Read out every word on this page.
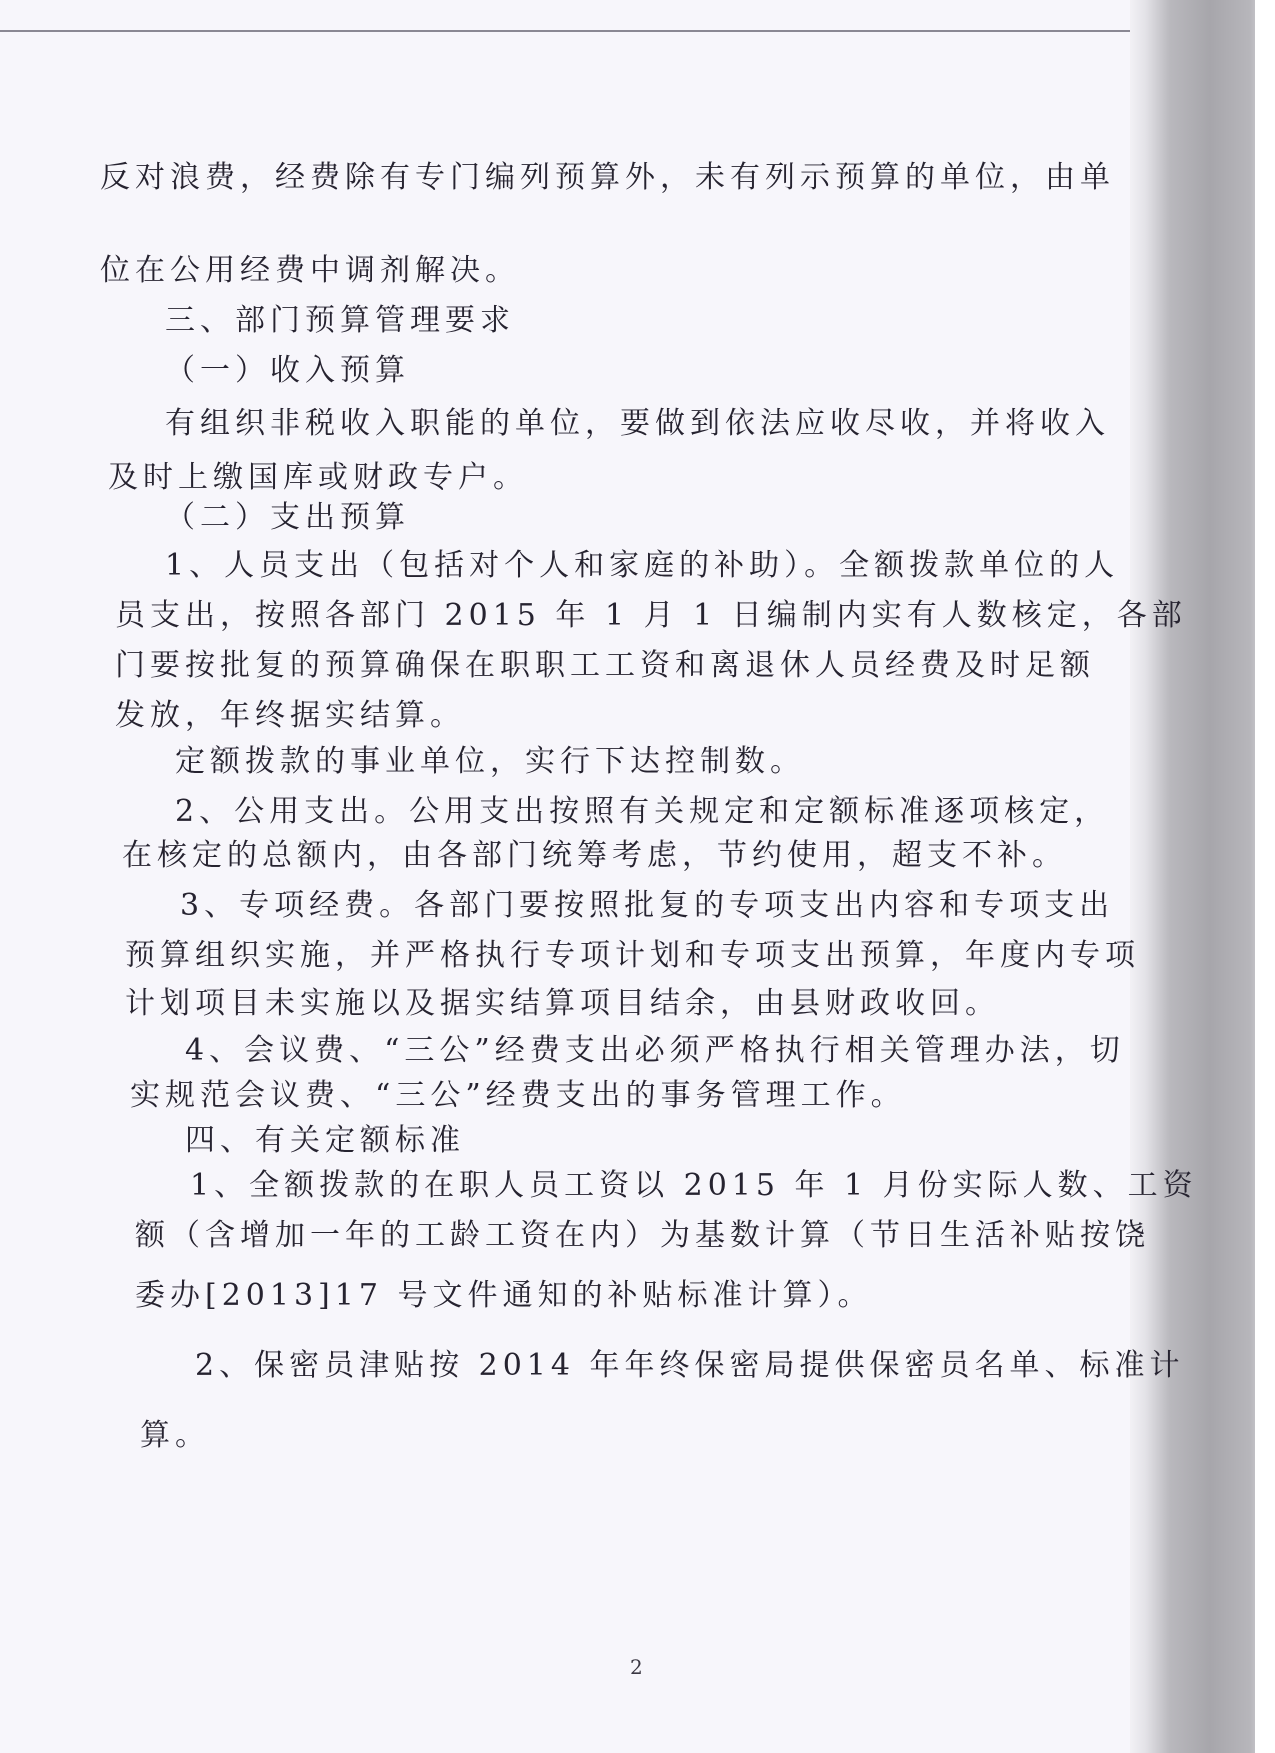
反对浪费，经费除有专门编列预算外，未有列示预算的单位，由单
位在公用经费中调剂解决。
三、部门预算管理要求
（一）收入预算
有组织非税收入职能的单位，要做到依法应收尽收，并将收入
及时上缴国库或财政专户。
（二）支出预算
1、人员支出（包括对个人和家庭的补助）。全额拨款单位的人
员支出，按照各部门 2015 年 1 月 1 日编制内实有人数核定，各部
门要按批复的预算确保在职职工工资和离退休人员经费及时足额
发放，年终据实结算。
定额拨款的事业单位，实行下达控制数。
2、公用支出。公用支出按照有关规定和定额标准逐项核定，
在核定的总额内，由各部门统筹考虑，节约使用，超支不补。
3、专项经费。各部门要按照批复的专项支出内容和专项支出
预算组织实施，并严格执行专项计划和专项支出预算，年度内专项
计划项目未实施以及据实结算项目结余，由县财政收回。
4、会议费、“三公”经费支出必须严格执行相关管理办法，切
实规范会议费、“三公”经费支出的事务管理工作。
四、有关定额标准
1、全额拨款的在职人员工资以 2015 年 1 月份实际人数、工资
额（含增加一年的工龄工资在内）为基数计算（节日生活补贴按饶
委办[2013]17 号文件通知的补贴标准计算）。
2、保密员津贴按 2014 年年终保密局提供保密员名单、标准计
算。
2
